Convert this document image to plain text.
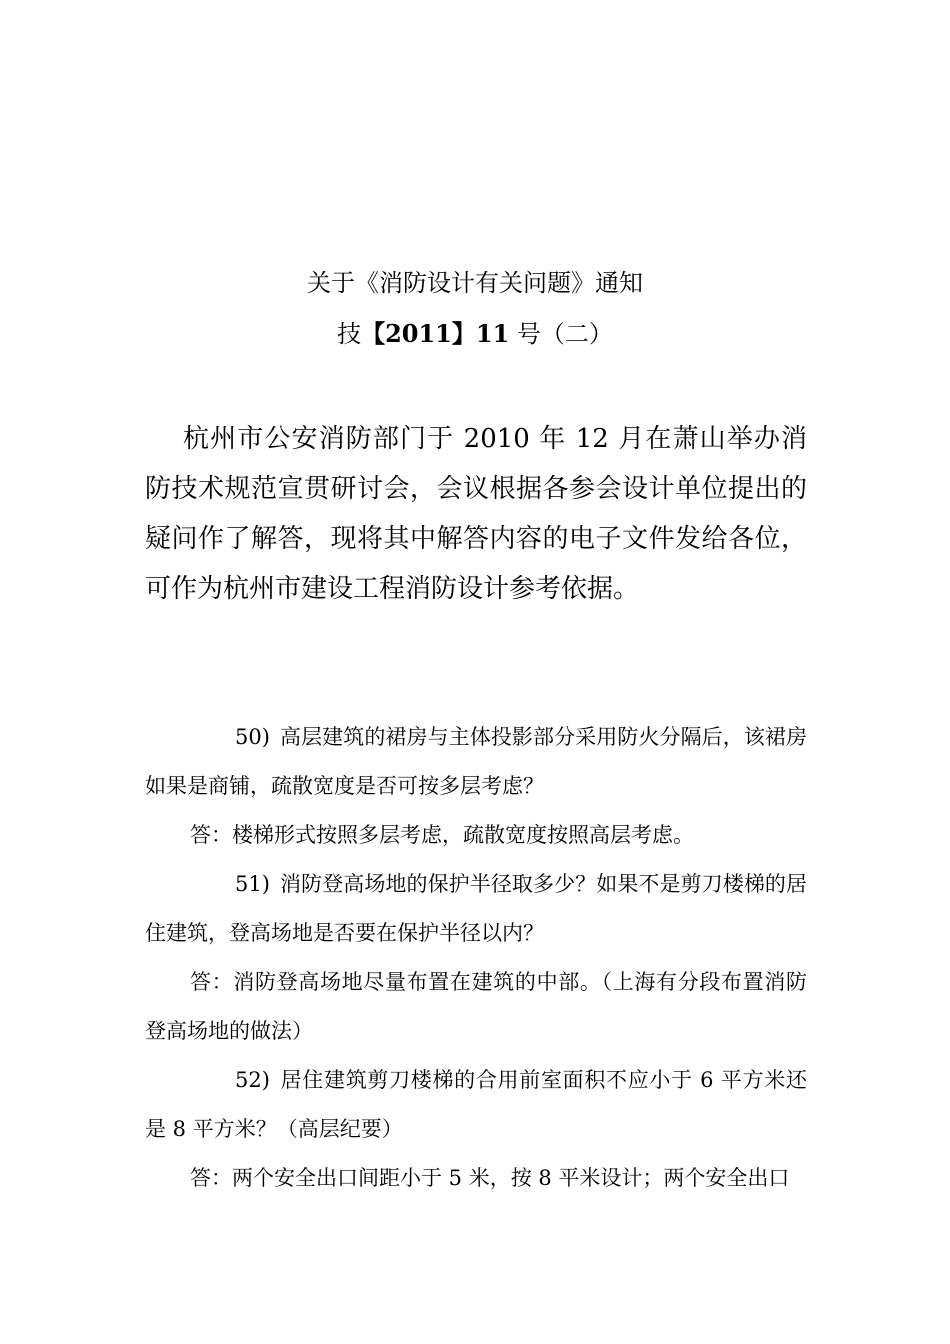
关于《消防设计有关问题》通知
技【2011】11 号（二）

杭州市公安消防部门于 2010 年 12 月在萧山举办消防技术规范宣贯研讨会，会议根据各参会设计单位提出的疑问作了解答，现将其中解答内容的电子文件发给各位，可作为杭州市建设工程消防设计参考依据。

50) 高层建筑的裙房与主体投影部分采用防火分隔后，该裙房如果是商铺，疏散宽度是否可按多层考虑？

答：楼梯形式按照多层考虑，疏散宽度按照高层考虑。

51) 消防登高场地的保护半径取多少？如果不是剪刀楼梯的居住建筑，登高场地是否要在保护半径以内？

答：消防登高场地尽量布置在建筑的中部。（上海有分段布置消防登高场地的做法）

52) 居住建筑剪刀楼梯的合用前室面积不应小于 6 平方米还是 8 平方米？（高层纪要）

答：两个安全出口间距小于 5 米，按 8 平米设计；两个安全出口
